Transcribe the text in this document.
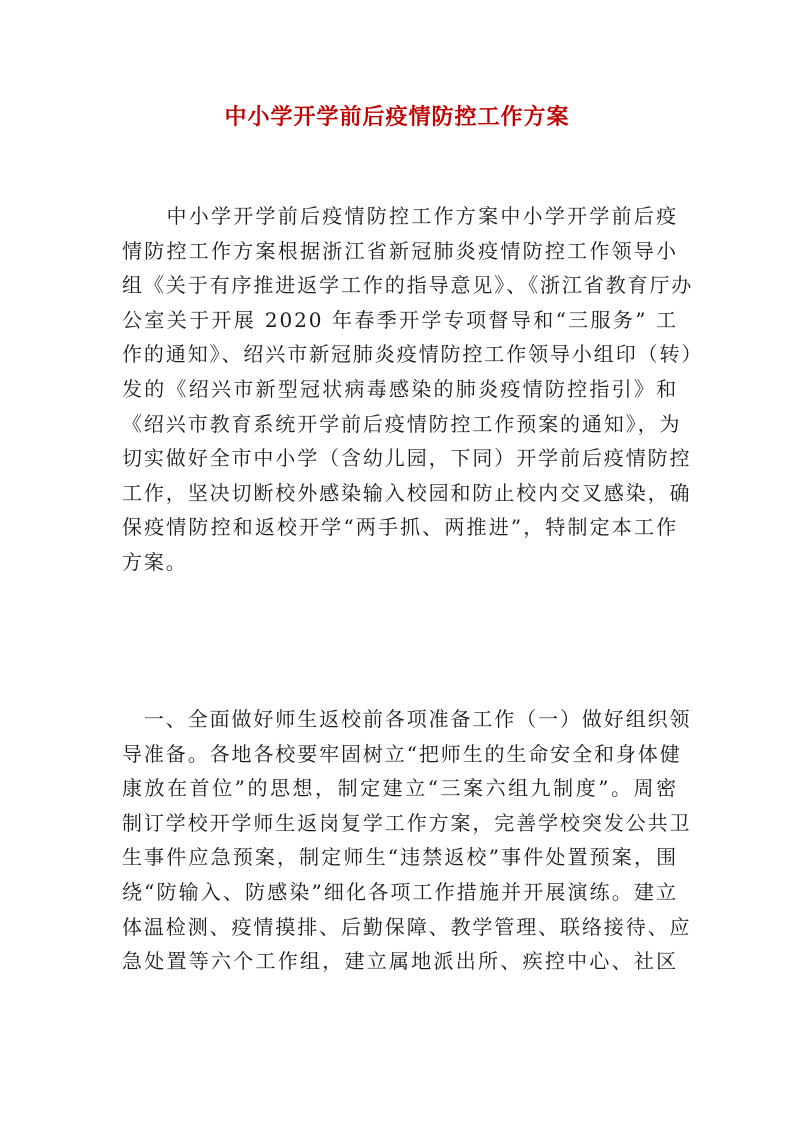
中小学开学前后疫情防控工作方案
　　中小学开学前后疫情防控工作方案中小学开学前后疫
情防控工作方案根据浙江省新冠肺炎疫情防控工作领导小
组《关于有序推进返学工作的指导意见》、《浙江省教育厅办
公室关于开展 2020 年春季开学专项督导和“三服务” 工
作的通知》、绍兴市新冠肺炎疫情防控工作领导小组印（转）
发的《绍兴市新型冠状病毒感染的肺炎疫情防控指引》和
《绍兴市教育系统开学前后疫情防控工作预案的通知》，为
切实做好全市中小学（含幼儿园，下同）开学前后疫情防控
工作，坚决切断校外感染输入校园和防止校内交叉感染，确
保疫情防控和返校开学“两手抓、两推进”，特制定本工作
方案。
　一、全面做好师生返校前各项准备工作（一）做好组织领
导准备。各地各校要牢固树立“把师生的生命安全和身体健
康放在首位”的思想，制定建立“三案六组九制度”。周密
制订学校开学师生返岗复学工作方案，完善学校突发公共卫
生事件应急预案，制定师生“违禁返校”事件处置预案，围
绕“防输入、防感染”细化各项工作措施并开展演练。建立
体温检测、疫情摸排、后勤保障、教学管理、联络接待、应
急处置等六个工作组，建立属地派出所、疾控中心、社区
